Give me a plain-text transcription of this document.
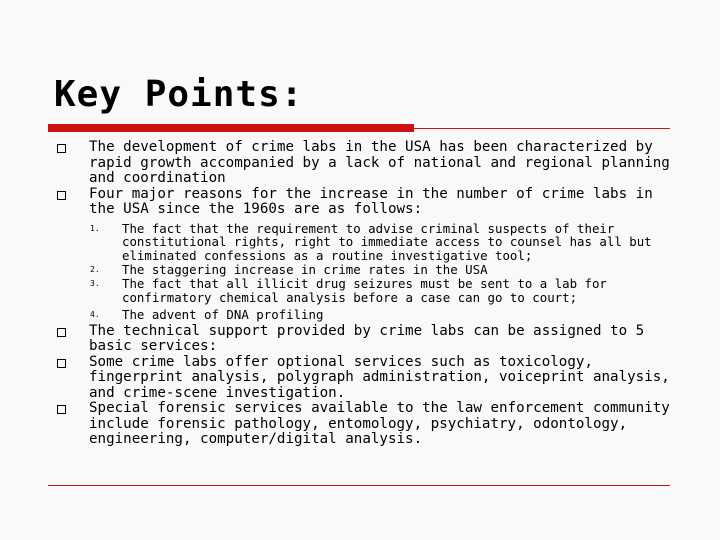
Key Points:

The development of crime labs in the USA has been characterized by rapid growth accompanied by a lack of national and regional planning and coordination

Four major reasons for the increase in the number of crime labs in the USA since the 1960s are as follows:

1. The fact that the requirement to advise criminal suspects of their constitutional rights, right to immediate access to counsel has all but eliminated confessions as a routine investigative tool;

2. The staggering increase in crime rates in the USA

3. The fact that all illicit drug seizures must be sent to a lab for confirmatory chemical analysis before a case can go to court;

4. The advent of DNA profiling

The technical support provided by crime labs can be assigned to 5 basic services:

Some crime labs offer optional services such as toxicology, fingerprint analysis, polygraph administration, voiceprint analysis, and crime-scene investigation.

Special forensic services available to the law enforcement community include forensic pathology, entomology, psychiatry, odontology, engineering, computer/digital analysis.
